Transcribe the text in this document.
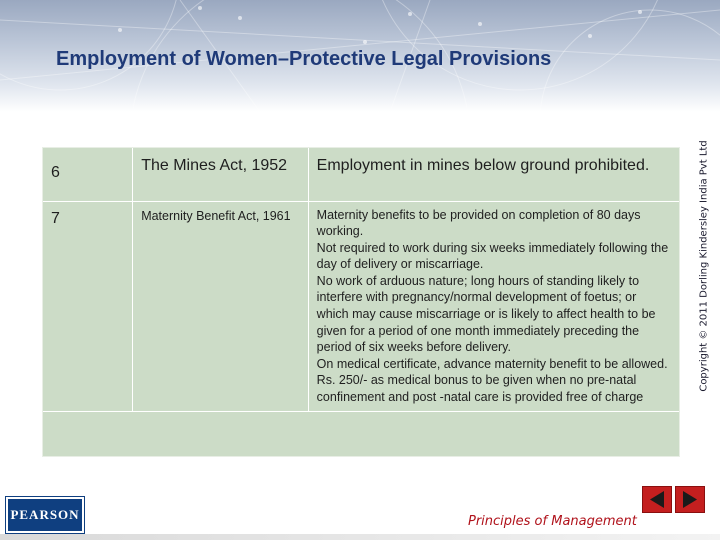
Employment of Women–Protective Legal Provisions
Copyright © 2011 Dorling Kindersley India Pvt Ltd
6	The Mines Act, 1952	Employment in mines below ground prohibited.

7	Maternity Benefit Act, 1961	Maternity benefits to be provided on completion of 80 days working.
Not required to work during six weeks immediately following the day of delivery or miscarriage.
No work of arduous nature; long hours of standing likely to interfere with pregnancy/normal development of foetus; or which may cause miscarriage or is likely to affect health to be given for a period of one month immediately preceding the period of six weeks before delivery.
On medical certificate, advance maternity benefit to be allowed.
Rs. 250/- as medical bonus to be given when no pre-natal confinement and post -natal care is provided free of charge
PEARSON	Principles of Management
